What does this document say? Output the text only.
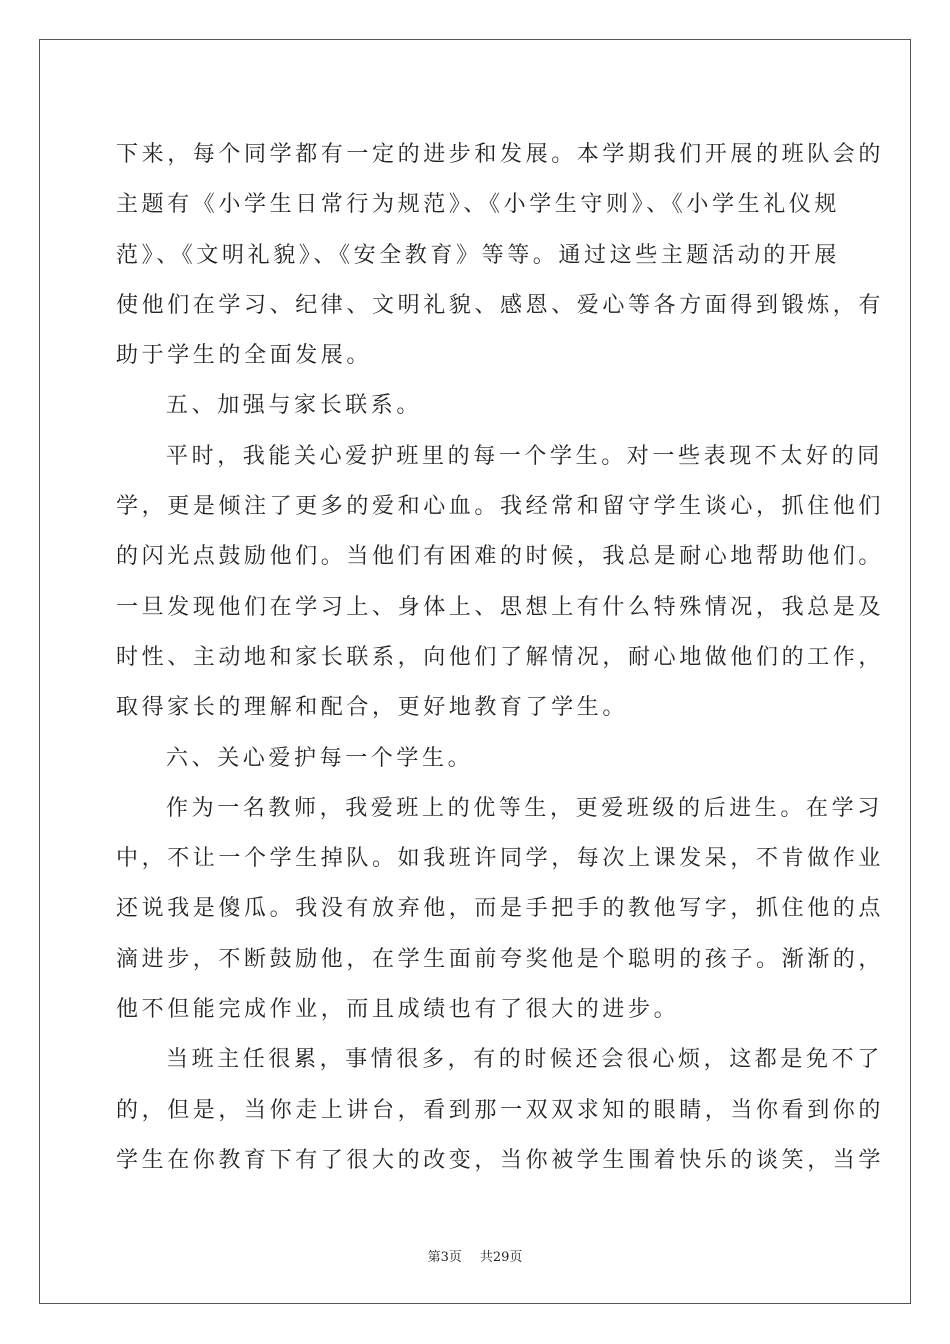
下来，每个同学都有一定的进步和发展。本学期我们开展的班队会的

主题有《小学生日常行为规范》、《小学生守则》、《小学生礼仪规

范》、《文明礼貌》、《安全教育》等等。通过这些主题活动的开展

使他们在学习、纪律、文明礼貌、感恩、爱心等各方面得到锻炼，有

助于学生的全面发展。

五、加强与家长联系。

平时，我能关心爱护班里的每一个学生。对一些表现不太好的同

学，更是倾注了更多的爱和心血。我经常和留守学生谈心，抓住他们

的闪光点鼓励他们。当他们有困难的时候，我总是耐心地帮助他们。

一旦发现他们在学习上、身体上、思想上有什么特殊情况，我总是及

时性、主动地和家长联系，向他们了解情况，耐心地做他们的工作，

取得家长的理解和配合，更好地教育了学生。

六、关心爱护每一个学生。

作为一名教师，我爱班上的优等生，更爱班级的后进生。在学习

中，不让一个学生掉队。如我班许同学，每次上课发呆，不肯做作业

还说我是傻瓜。我没有放弃他，而是手把手的教他写字，抓住他的点

滴进步，不断鼓励他，在学生面前夸奖他是个聪明的孩子。渐渐的，

他不但能完成作业，而且成绩也有了很大的进步。

当班主任很累，事情很多，有的时候还会很心烦，这都是免不了

的，但是，当你走上讲台，看到那一双双求知的眼睛，当你看到你的

学生在你教育下有了很大的改变，当你被学生围着快乐的谈笑，当学

第3页 共29页
